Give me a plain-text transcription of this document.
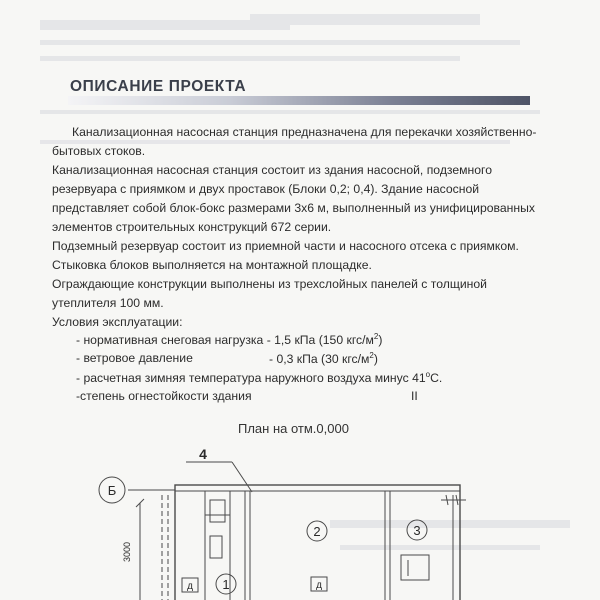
ОПИСАНИЕ ПРОЕКТА
Канализационная насосная станция предназначена для перекачки хозяйственно-
бытовых стоков.
Канализационная насосная станция состоит из здания насосной, подземного
резервуара с приямком и двух проставок (Блоки 0,2; 0,4). Здание насосной
представляет собой блок-бокс размерами 3х6 м, выполненный из унифицированных
элементов строительных конструкций 672 серии.
Подземный резервуар состоит из приемной части и насосного отсека с приямком.
Стыковка блоков выполняется на монтажной площадке.
Ограждающие конструкции выполнены из трехслойных панелей с толщиной
утеплителя 100 мм.
Условия эксплуатации:
- нормативная снеговая нагрузка - 1,5 кПа (150 кгс/$м^2$)
- ветровое давление	- 0,3 кПа (30 кгс/$м^2$)
- расчетная зимняя температура наружного воздуха минус $41^оС$.
-степень огнестойкости здания	II
План на отм.0,000
Б
4
2	3
1
д	д
3000
